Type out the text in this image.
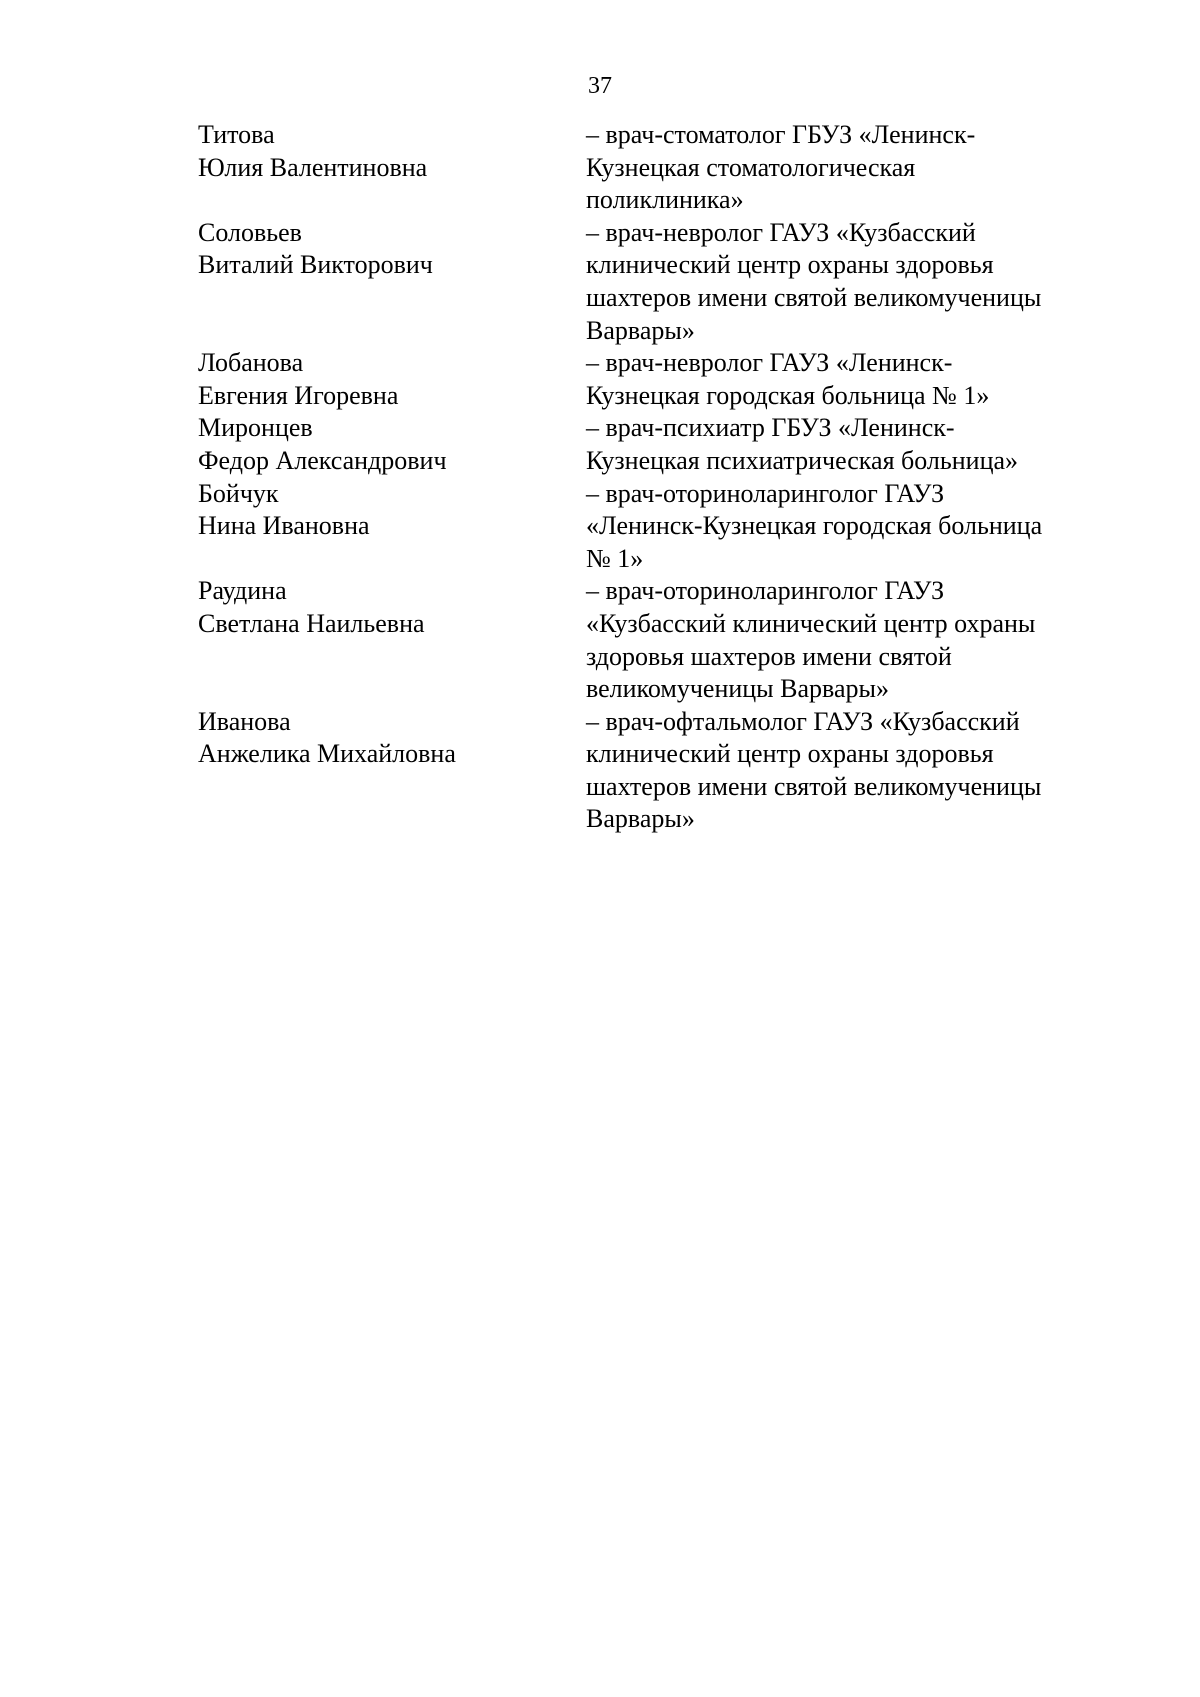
37
Титова
Юлия Валентиновна
– врач-стоматолог ГБУЗ «Ленинск-
Кузнецкая стоматологическая
поликлиника»
Соловьев
Виталий Викторович
– врач-невролог ГАУЗ «Кузбасский
клинический центр охраны здоровья
шахтеров имени святой великомученицы
Варвары»
Лобанова
Евгения Игоревна
– врач-невролог ГАУЗ «Ленинск-
Кузнецкая городская больница № 1»
Миронцев
Федор Александрович
– врач-психиатр ГБУЗ «Ленинск-
Кузнецкая психиатрическая больница»
Бойчук
Нина Ивановна
– врач-оториноларинголог ГАУЗ
«Ленинск-Кузнецкая городская больница
№ 1»
Раудина
Светлана Наильевна
– врач-оториноларинголог ГАУЗ
«Кузбасский клинический центр охраны
здоровья шахтеров имени святой
великомученицы Варвары»
Иванова
Анжелика Михайловна
– врач-офтальмолог ГАУЗ «Кузбасский
клинический центр охраны здоровья
шахтеров имени святой великомученицы
Варвары»
